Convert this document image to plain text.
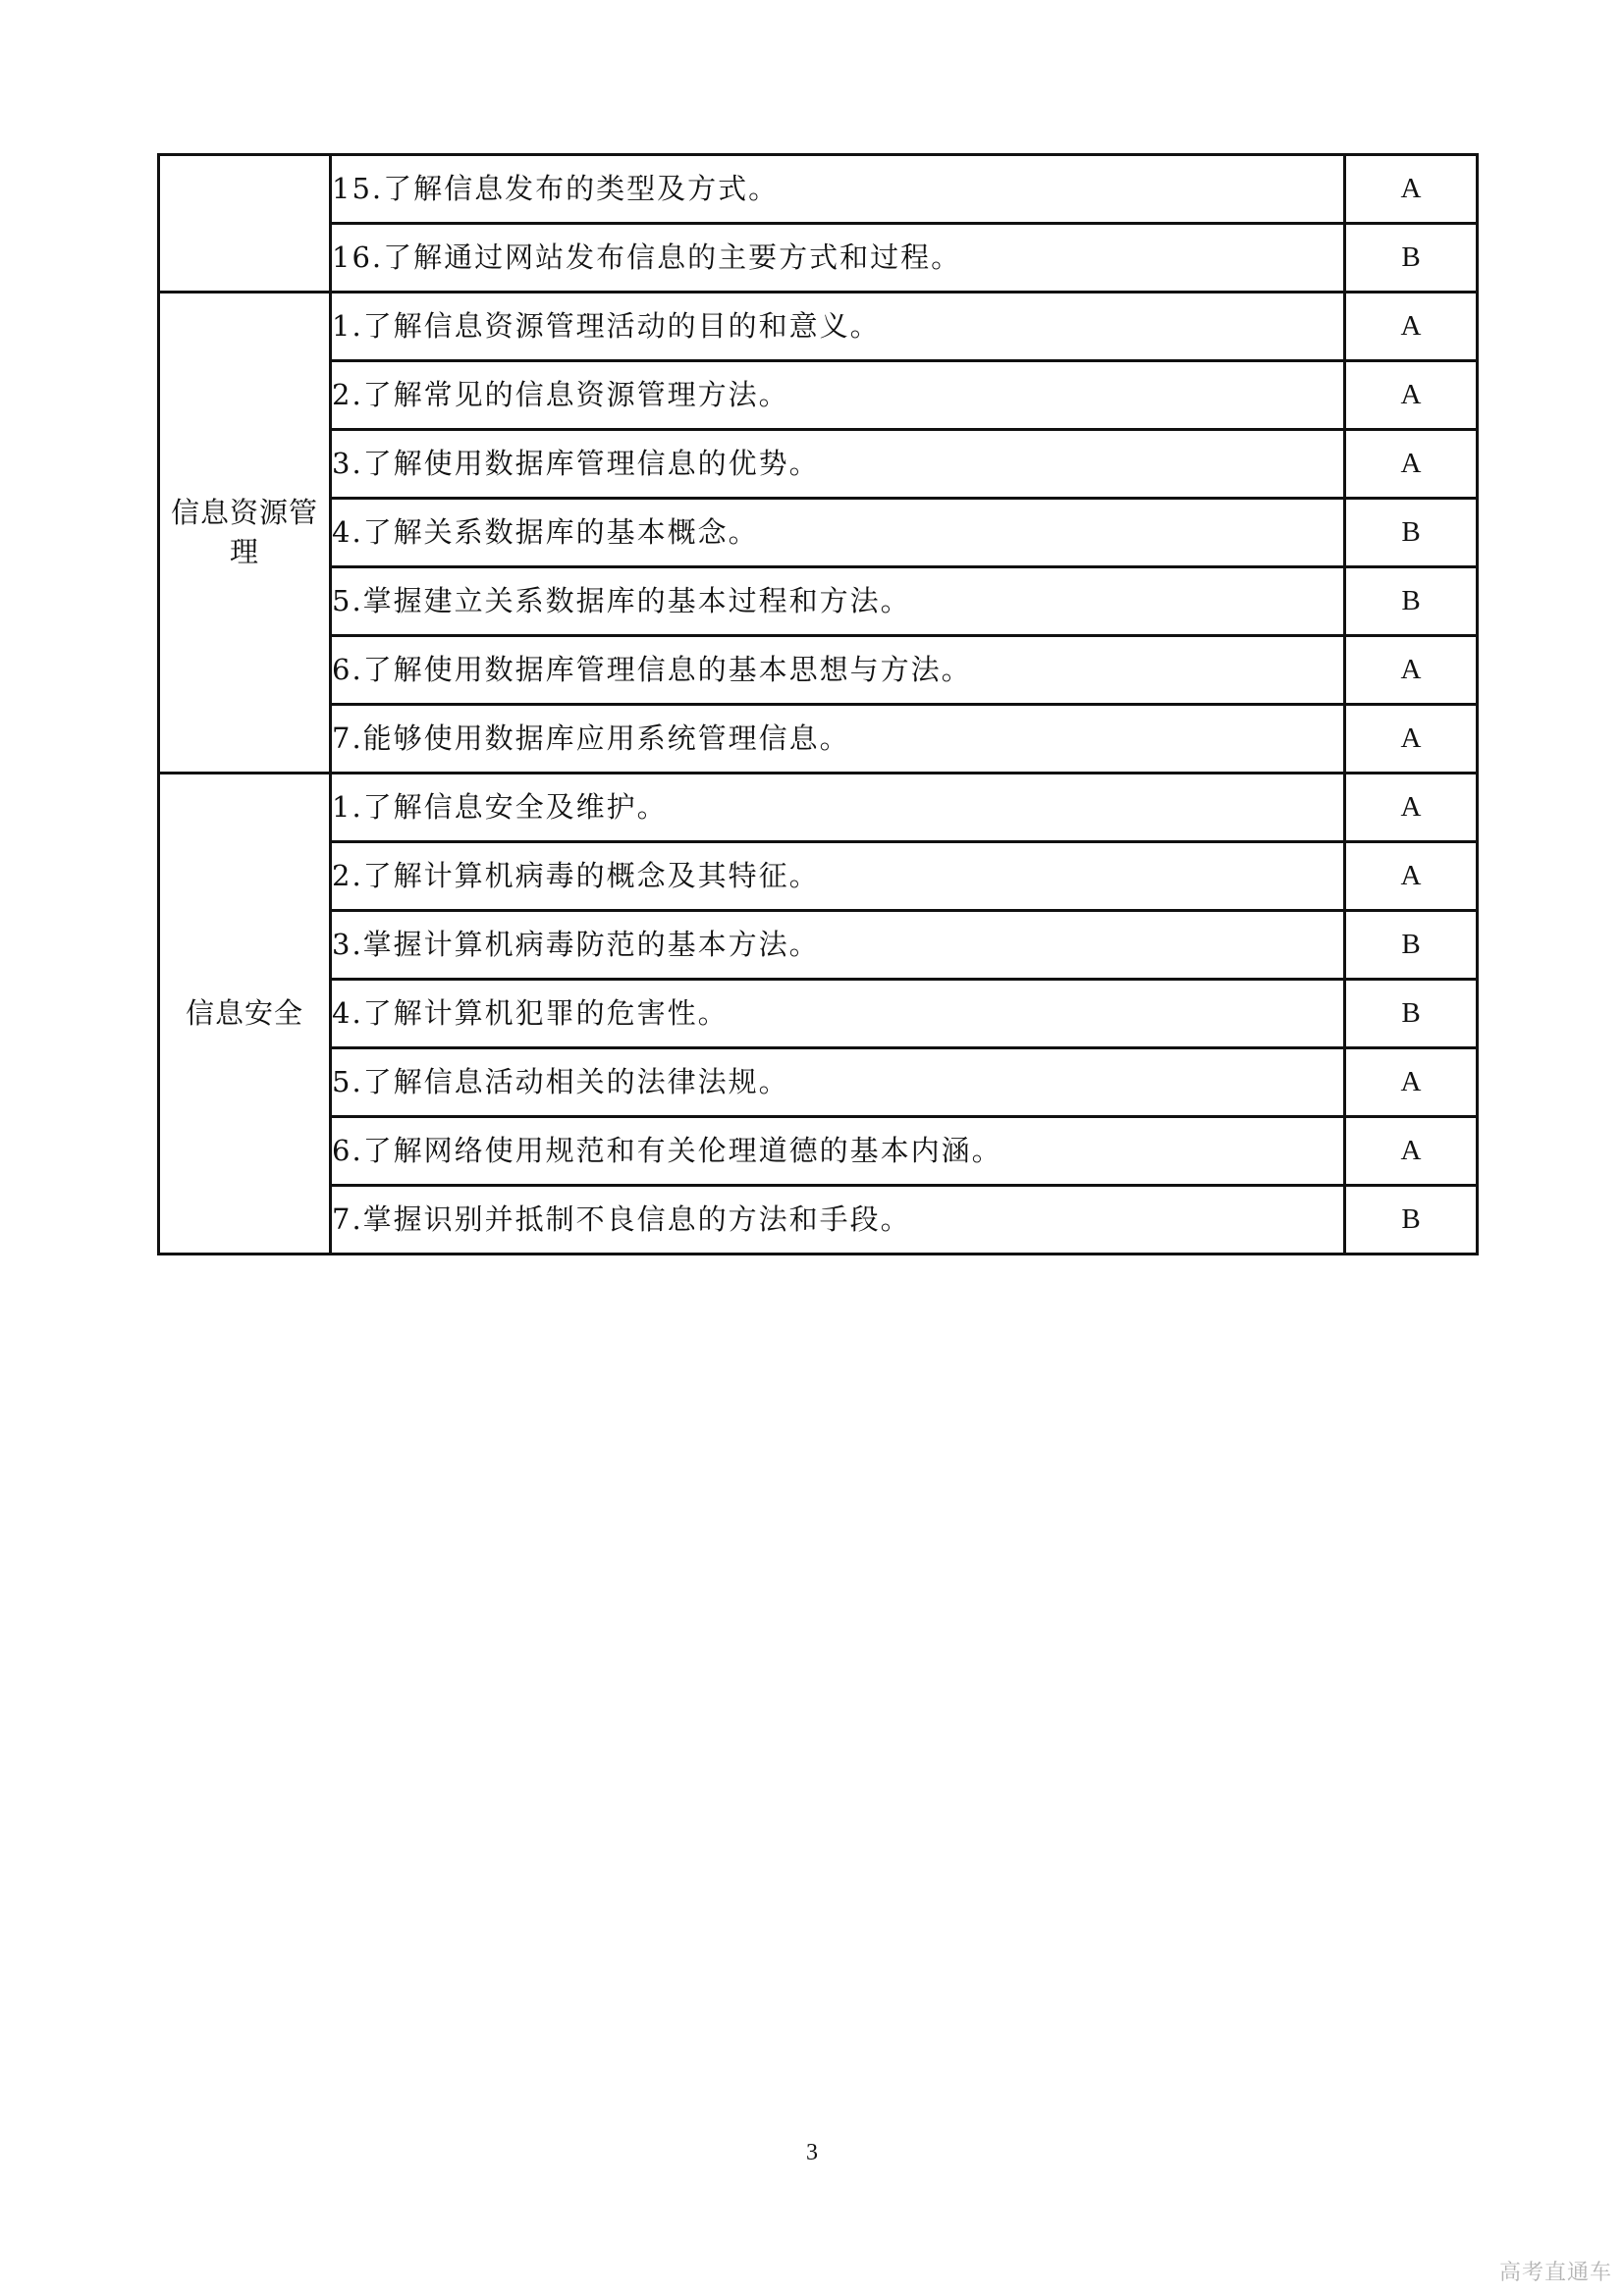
	15.了解信息发布的类型及方式。	A
	16.了解通过网站发布信息的主要方式和过程。	B
信息资源管理	1.了解信息资源管理活动的目的和意义。	A
	2.了解常见的信息资源管理方法。	A
	3.了解使用数据库管理信息的优势。	A
	4.了解关系数据库的基本概念。	B
	5.掌握建立关系数据库的基本过程和方法。	B
	6.了解使用数据库管理信息的基本思想与方法。	A
	7.能够使用数据库应用系统管理信息。	A
信息安全	1.了解信息安全及维护。	A
	2.了解计算机病毒的概念及其特征。	A
	3.掌握计算机病毒防范的基本方法。	B
	4.了解计算机犯罪的危害性。	B
	5.了解信息活动相关的法律法规。	A
	6.了解网络使用规范和有关伦理道德的基本内涵。	A
	7.掌握识别并抵制不良信息的方法和手段。	B
3
高考直通车
